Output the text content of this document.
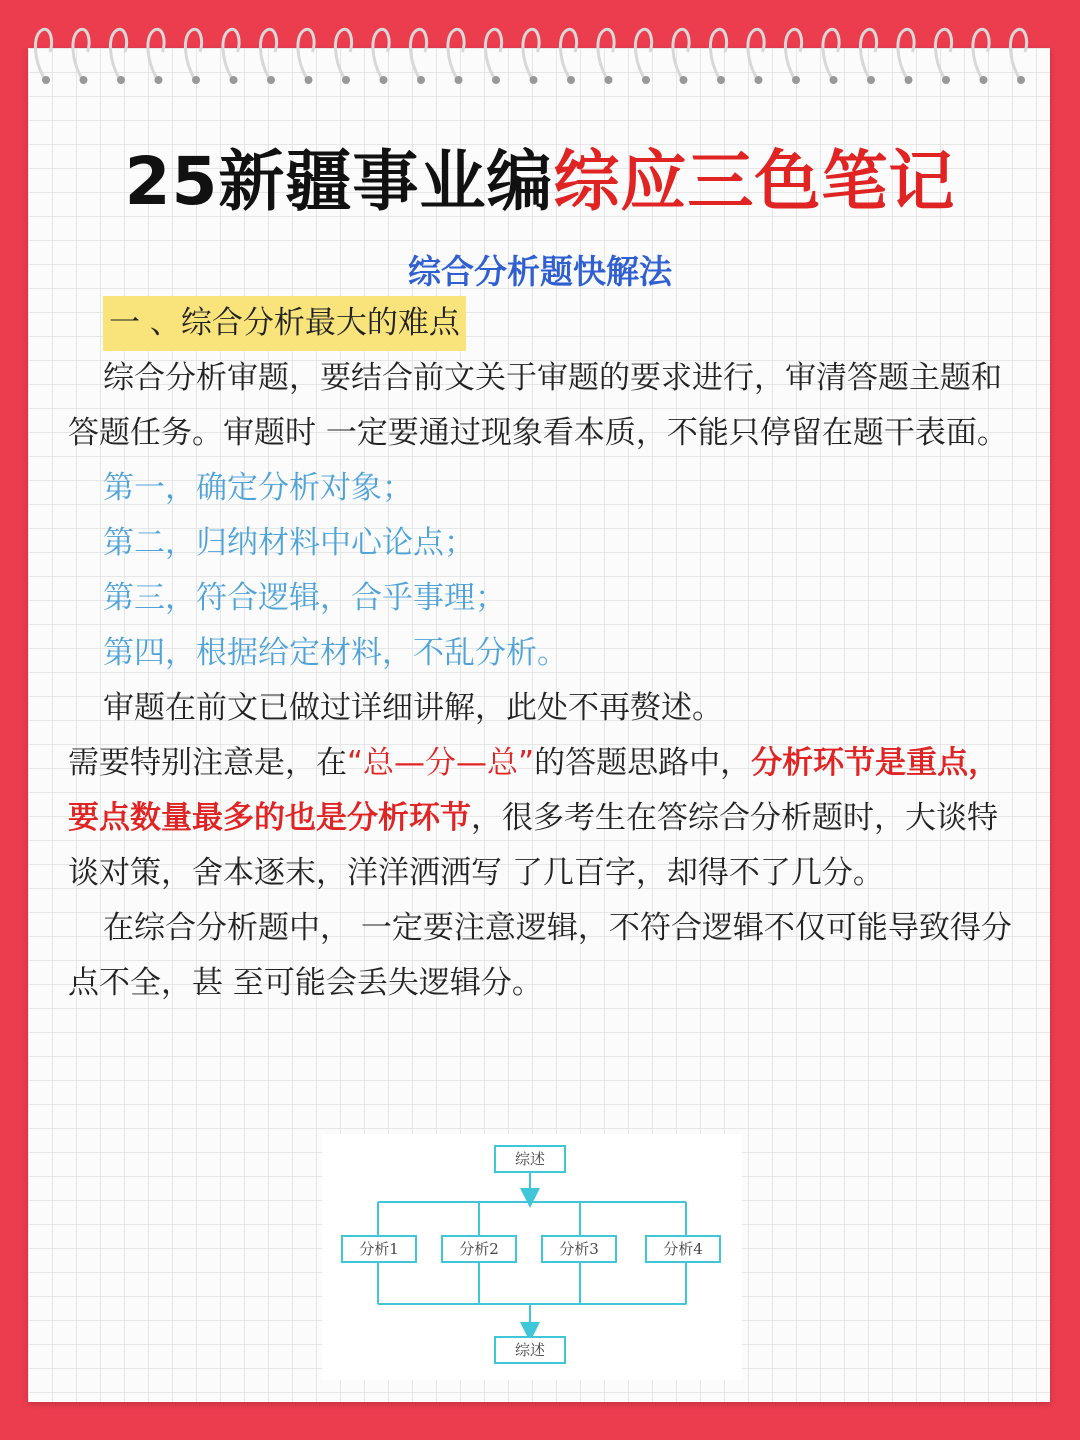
25新疆事业编综应三色笔记
综合分析题快解法

一 、综合分析最大的难点

综合分析审题，要结合前文关于审题的要求进行，审清答题主题和答题任务。审题时 一定要通过现象看本质，不能只停留在题干表面。

第一，确定分析对象；

第二，归纳材料中心论点；

第三，符合逻辑，合乎事理；

第四，根据给定材料，不乱分析。

审题在前文已做过详细讲解，此处不再赘述。

需要特别注意是，在“总—分—总”的答题思路中，分析环节是重点，要点数量最多的也是分析环节，很多考生在答综合分析题时，大谈特谈对策，舍本逐末，洋洋洒洒写 了几百字，却得不了几分。

在综合分析题中， 一定要注意逻辑，不符合逻辑不仅可能导致得分点不全，甚 至可能会丢失逻辑分。

综述
分析1	分析2	分析3	分析4
综述
